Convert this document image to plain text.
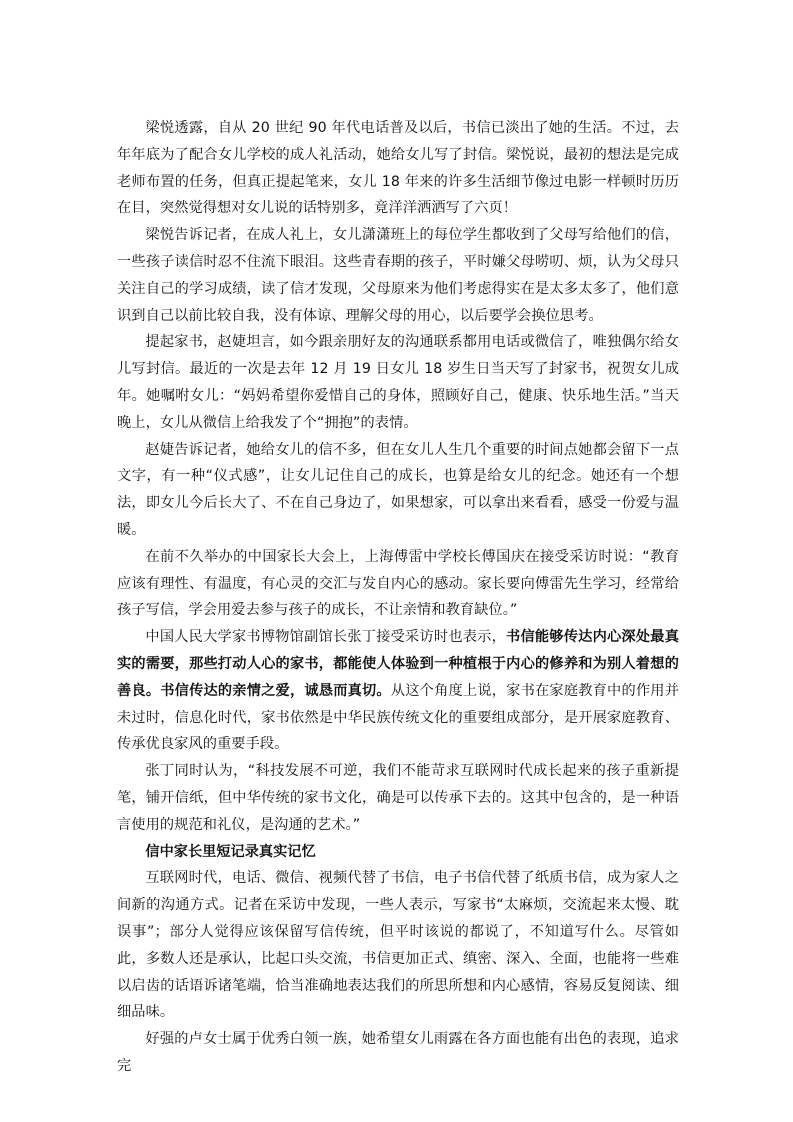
梁悦透露，自从 20 世纪 90 年代电话普及以后，书信已淡出了她的生活。不过，去年年底为了配合女儿学校的成人礼活动，她给女儿写了封信。梁悦说，最初的想法是完成老师布置的任务，但真正提起笔来，女儿 18 年来的许多生活细节像过电影一样顿时历历在目，突然觉得想对女儿说的话特别多，竟洋洋洒洒写了六页！

梁悦告诉记者，在成人礼上，女儿潇潇班上的每位学生都收到了父母写给他们的信，一些孩子读信时忍不住流下眼泪。这些青春期的孩子，平时嫌父母唠叨、烦，认为父母只关注自己的学习成绩，读了信才发现，父母原来为他们考虑得实在是太多太多了，他们意识到自己以前比较自我，没有体谅、理解父母的用心，以后要学会换位思考。

提起家书，赵婕坦言，如今跟亲朋好友的沟通联系都用电话或微信了，唯独偶尔给女儿写封信。最近的一次是去年 12 月 19 日女儿 18 岁生日当天写了封家书，祝贺女儿成年。她嘱咐女儿：“妈妈希望你爱惜自己的身体，照顾好自己，健康、快乐地生活。”当天晚上，女儿从微信上给我发了个“拥抱”的表情。

赵婕告诉记者，她给女儿的信不多，但在女儿人生几个重要的时间点她都会留下一点文字，有一种“仪式感”，让女儿记住自己的成长，也算是给女儿的纪念。她还有一个想法，即女儿今后长大了、不在自己身边了，如果想家，可以拿出来看看，感受一份爱与温暖。

在前不久举办的中国家长大会上，上海傅雷中学校长傅国庆在接受采访时说：“教育应该有理性、有温度，有心灵的交汇与发自内心的感动。家长要向傅雷先生学习，经常给孩子写信，学会用爱去参与孩子的成长，不让亲情和教育缺位。”

中国人民大学家书博物馆副馆长张丁接受采访时也表示，书信能够传达内心深处最真实的需要，那些打动人心的家书，都能使人体验到一种植根于内心的修养和为别人着想的善良。书信传达的亲情之爱，诚恳而真切。从这个角度上说，家书在家庭教育中的作用并未过时，信息化时代，家书依然是中华民族传统文化的重要组成部分，是开展家庭教育、传承优良家风的重要手段。

张丁同时认为，“科技发展不可逆，我们不能苛求互联网时代成长起来的孩子重新提笔，铺开信纸，但中华传统的家书文化，确是可以传承下去的。这其中包含的，是一种语言使用的规范和礼仪，是沟通的艺术。”

信中家长里短记录真实记忆

互联网时代，电话、微信、视频代替了书信，电子书信代替了纸质书信，成为家人之间新的沟通方式。记者在采访中发现，一些人表示，写家书“太麻烦，交流起来太慢、耽误事”；部分人觉得应该保留写信传统，但平时该说的都说了，不知道写什么。尽管如此，多数人还是承认，比起口头交流，书信更加正式、缜密、深入、全面，也能将一些难以启齿的话语诉诸笔端，恰当准确地表达我们的所思所想和内心感情，容易反复阅读、细细品味。

好强的卢女士属于优秀白领一族，她希望女儿雨露在各方面也能有出色的表现，追求完
